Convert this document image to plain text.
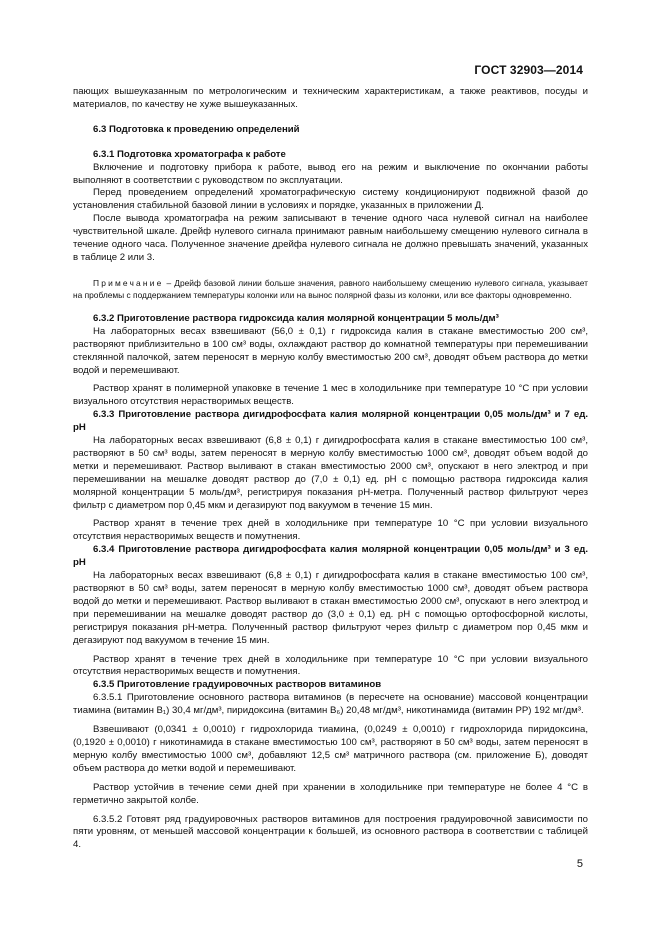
ГОСТ 32903—2014

пающих вышеуказанным по метрологическим и техническим характеристикам, а также реактивов, посуды и материалов, по качеству не хуже вышеуказанных.

6.3 Подготовка к проведению определений

6.3.1 Подготовка хроматографа к работе

Включение и подготовку прибора к работе, вывод его на режим и выключение по окончании работы выполняют в соответствии с руководством по эксплуатации.

Перед проведением определений хроматографическую систему кондиционируют подвижной фазой до установления стабильной базовой линии в условиях и порядке, указанных в приложении Д.

После вывода хроматографа на режим записывают в течение одного часа нулевой сигнал на наиболее чувствительной шкале. Дрейф нулевого сигнала принимают равным наибольшему смещению нулевого сигнала в течение одного часа. Полученное значение дрейфа нулевого сигнала не должно превышать значений, указанных в таблице 2 или 3.

Примечание – Дрейф базовой линии больше значения, равного наибольшему смещению нулевого сигнала, указывает на проблемы с поддержанием температуры колонки или на вынос полярной фазы из колонки, или все факторы одновременно.

6.3.2 Приготовление раствора гидроксида калия молярной концентрации 5 моль/дм³

На лабораторных весах взвешивают (56,0 ± 0,1) г гидроксида калия в стакане вместимостью 200 см³, растворяют приблизительно в 100 см³ воды, охлаждают раствор до комнатной температуры при перемешивании стеклянной палочкой, затем переносят в мерную колбу вместимостью 200 см³, доводят объем раствора до метки водой и перемешивают.

Раствор хранят в полимерной упаковке в течение 1 мес в холодильнике при температуре 10 °С при условии визуального отсутствия нерастворимых веществ.

6.3.3 Приготовление раствора дигидрофосфата калия молярной концентрации 0,05 моль/дм³ и 7 ед. рН

На лабораторных весах взвешивают (6,8 ± 0,1) г дигидрофосфата калия в стакане вместимостью 100 см³, растворяют в 50 см³ воды, затем переносят в мерную колбу вместимостью 1000 см³, доводят объем водой до метки и перемешивают. Раствор выливают в стакан вместимостью 2000 см³, опускают в него электрод и при перемешивании на мешалке доводят раствор до (7,0 ± 0,1) ед. рН с помощью раствора гидроксида калия молярной концентрации 5 моль/дм³, регистрируя показания рН-метра. Полученный раствор фильтруют через фильтр с диаметром пор 0,45 мкм и дегазируют под вакуумом в течение 15 мин.

Раствор хранят в течение трех дней в холодильнике при температуре 10 °С при условии визуального отсутствия нерастворимых веществ и помутнения.

6.3.4 Приготовление раствора дигидрофосфата калия молярной концентрации 0,05 моль/дм³ и 3 ед. рН

На лабораторных весах взвешивают (6,8 ± 0,1) г дигидрофосфата калия в стакане вместимостью 100 см³, растворяют в 50 см³ воды, затем переносят в мерную колбу вместимостью 1000 см³, доводят объем раствора водой до метки и перемешивают. Раствор выливают в стакан вместимостью 2000 см³, опускают в него электрод и при перемешивании на мешалке доводят раствор до (3,0 ± 0,1) ед. рН с помощью ортофосфорной кислоты, регистрируя показания рН-метра. Полученный раствор фильтруют через фильтр с диаметром пор 0,45 мкм и дегазируют под вакуумом в течение 15 мин.

Раствор хранят в течение трех дней в холодильнике при температуре 10 °С при условии визуального отсутствия нерастворимых веществ и помутнения.

6.3.5 Приготовление градуировочных растворов витаминов

6.3.5.1 Приготовление основного раствора витаминов (в пересчете на основание) массовой концентрации тиамина (витамин В₁) 30,4 мг/дм³, пиридоксина (витамин В₆) 20,48 мг/дм³, никотинамида (витамин РР) 192 мг/дм³.

Взвешивают (0,0341 ± 0,0010) г гидрохлорида тиамина, (0,0249 ± 0,0010) г гидрохлорида пиридоксина, (0,1920 ± 0,0010) г никотинамида в стакане вместимостью 100 см³, растворяют в 50 см³ воды, затем переносят в мерную колбу вместимостью 1000 см³, добавляют 12,5 см³ матричного раствора (см. приложение Б), доводят объем раствора до метки водой и перемешивают.

Раствор устойчив в течение семи дней при хранении в холодильнике при температуре не более 4 °С в герметично закрытой колбе.

6.3.5.2 Готовят ряд градуировочных растворов витаминов для построения градуировочной зависимости по пяти уровням, от меньшей массовой концентрации к большей, из основного раствора в соответствии с таблицей 4.

5
